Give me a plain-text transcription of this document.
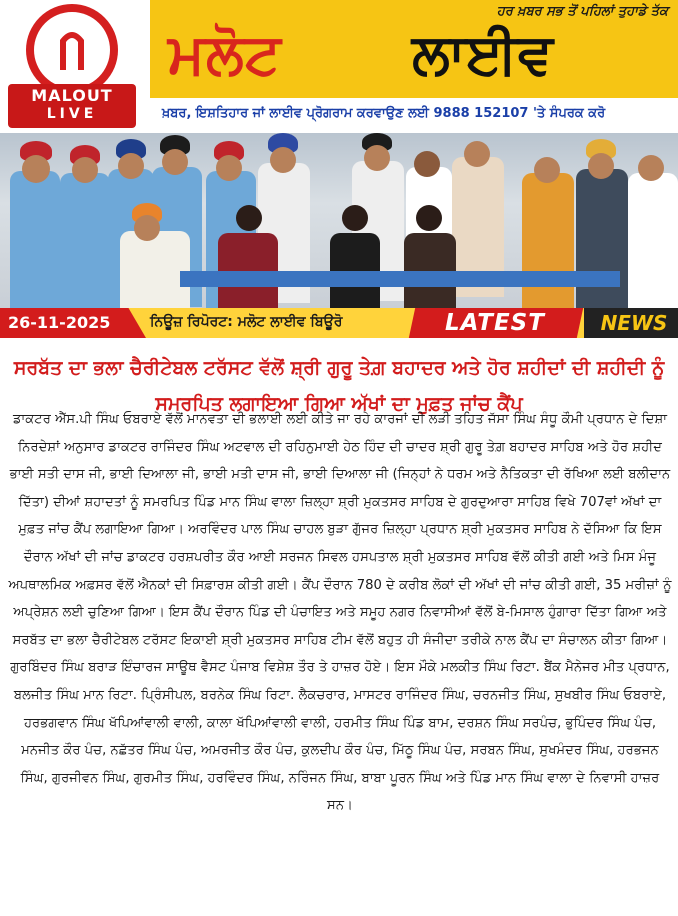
MALOUT
LIVE
ਹਰ ਖ਼ਬਰ ਸਭ ਤੋਂ ਪਹਿਲਾਂ ਤੁਹਾਡੇ ਤੱਕ
ਮਲੋਟ ਲਾਈਵ
ਖ਼ਬਰ, ਇਸ਼ਤਿਹਾਰ ਜਾਂ ਲਾਈਵ ਪ੍ਰੋਗਰਾਮ ਕਰਵਾਉਣ ਲਈ 9888 152107 'ਤੇ ਸੰਪਰਕ ਕਰੋ
26-11-2025	ਨਿਊਜ਼ ਰਿਪੋਰਟ: ਮਲੋਟ ਲਾਈਵ ਬਿਊਰੋ	LATEST	NEWS
ਸਰਬੱਤ ਦਾ ਭਲਾ ਚੈਰੀਟੇਬਲ ਟਰੱਸਟ ਵੱਲੋਂ ਸ਼੍ਰੀ ਗੁਰੂ ਤੇਗ਼ ਬਹਾਦਰ ਅਤੇ ਹੋਰ ਸ਼ਹੀਦਾਂ ਦੀ ਸ਼ਹੀਦੀ ਨੂੰ ਸਮਰਪਿਤ ਲਗਾਇਆ ਗਿਆ ਅੱਖਾਂ ਦਾ ਮੁਫ਼ਤ ਜਾਂਚ ਕੈਂਪ
ਡਾਕਟਰ ਐੱਸ.ਪੀ ਸਿੰਘ ਓਬਰਾਏ ਵੱਲੋਂ ਮਾਨਵਤਾ ਦੀ ਭਲਾਈ ਲਈ ਕੀਤੇ ਜਾ ਰਹੇ ਕਾਰਜਾਂ ਦੀ ਲੜੀ ਤਹਿਤ ਜੱਸਾ ਸਿੰਘ ਸੰਧੂ ਕੌਮੀ ਪ੍ਰਧਾਨ ਦੇ ਦਿਸ਼ਾ ਨਿਰਦੇਸ਼ਾਂ ਅਨੁਸਾਰ ਡਾਕਟਰ ਰਾਜਿੰਦਰ ਸਿੰਘ ਅਟਵਾਲ ਦੀ ਰਹਿਨੁਮਾਈ ਹੇਠ ਹਿੰਦ ਦੀ ਚਾਦਰ ਸ਼੍ਰੀ ਗੁਰੂ ਤੇਗ਼ ਬਹਾਦਰ ਸਾਹਿਬ ਅਤੇ ਹੋਰ ਸ਼ਹੀਦ ਭਾਈ ਸਤੀ ਦਾਸ ਜੀ, ਭਾਈ ਦਿਆਲਾ ਜੀ, ਭਾਈ ਮਤੀ ਦਾਸ ਜੀ, ਭਾਈ ਦਿਆਲਾ ਜੀ (ਜਿਨ੍ਹਾਂ ਨੇ ਧਰਮ ਅਤੇ ਨੈਤਿਕਤਾ ਦੀ ਰੱਖਿਆ ਲਈ ਬਲੀਦਾਨ ਦਿੱਤਾ) ਦੀਆਂ ਸ਼ਹਾਦਤਾਂ ਨੂੰ ਸਮਰਪਿਤ ਪਿੰਡ ਮਾਨ ਸਿੰਘ ਵਾਲਾ ਜ਼ਿਲ੍ਹਾ ਸ਼੍ਰੀ ਮੁਕਤਸਰ ਸਾਹਿਬ ਦੇ ਗੁਰਦੁਆਰਾ ਸਾਹਿਬ ਵਿਖੇ 707ਵਾਂ ਅੱਖਾਂ ਦਾ ਮੁਫ਼ਤ ਜਾਂਚ ਕੈਂਪ ਲਗਾਇਆ ਗਿਆ। ਅਰਵਿੰਦਰ ਪਾਲ ਸਿੰਘ ਚਾਹਲ ਬੁੜਾ ਗੁੱਜਰ ਜ਼ਿਲ੍ਹਾ ਪ੍ਰਧਾਨ ਸ਼੍ਰੀ ਮੁਕਤਸਰ ਸਾਹਿਬ ਨੇ ਦੱਸਿਆ ਕਿ ਇਸ ਦੌਰਾਨ ਅੱਖਾਂ ਦੀ ਜਾਂਚ ਡਾਕਟਰ ਹਰਸ਼ਪਰੀਤ ਕੌਰ ਆਈ ਸਰਜਨ ਸਿਵਲ ਹਸਪਤਾਲ ਸ਼੍ਰੀ ਮੁਕਤਸਰ ਸਾਹਿਬ ਵੱਲੋਂ ਕੀਤੀ ਗਈ ਅਤੇ ਮਿਸ ਮੰਜੂ ਅਪਥਾਲਮਿਕ ਅਫ਼ਸਰ ਵੱਲੋਂ ਐਨਕਾਂ ਦੀ ਸਿਫ਼ਾਰਸ਼ ਕੀਤੀ ਗਈ। ਕੈਂਪ ਦੌਰਾਨ 780 ਦੇ ਕਰੀਬ ਲੋਕਾਂ ਦੀ ਅੱਖਾਂ ਦੀ ਜਾਂਚ ਕੀਤੀ ਗਈ, 35 ਮਰੀਜ਼ਾਂ ਨੂੰ ਅਪ੍ਰੇਸ਼ਨ ਲਈ ਚੁਣਿਆ ਗਿਆ। ਇਸ ਕੈਂਪ ਦੌਰਾਨ ਪਿੰਡ ਦੀ ਪੰਚਾਇਤ ਅਤੇ ਸਮੂਹ ਨਗਰ ਨਿਵਾਸੀਆਂ ਵੱਲੋਂ ਬੇ-ਮਿਸਾਲ ਹੁੰਗਾਰਾ ਦਿੱਤਾ ਗਿਆ ਅਤੇ ਸਰਬੱਤ ਦਾ ਭਲਾ ਚੈਰੀਟੇਬਲ ਟਰੱਸਟ ਇਕਾਈ ਸ਼੍ਰੀ ਮੁਕਤਸਰ ਸਾਹਿਬ ਟੀਮ ਵੱਲੋਂ ਬਹੁਤ ਹੀ ਸੰਜੀਦਾ ਤਰੀਕੇ ਨਾਲ ਕੈਂਪ ਦਾ ਸੰਚਾਲਨ ਕੀਤਾ ਗਿਆ। ਗੁਰਬਿੰਦਰ ਸਿੰਘ ਬਰਾੜ ਇੰਚਾਰਜ ਸਾਊਥ ਵੈਸਟ ਪੰਜਾਬ ਵਿਸ਼ੇਸ਼ ਤੌਰ ਤੇ ਹਾਜ਼ਰ ਹੋਏ। ਇਸ ਮੌਕੇ ਮਲਕੀਤ ਸਿੰਘ ਰਿਟਾ. ਬੈਂਕ ਮੈਨੇਜਰ ਮੀਤ ਪ੍ਰਧਾਨ, ਬਲਜੀਤ ਸਿੰਘ ਮਾਨ ਰਿਟਾ. ਪ੍ਰਿੰਸੀਪਲ, ਬਰਨੇਕ ਸਿੰਘ ਰਿਟਾ. ਲੈਕਚਰਾਰ, ਮਾਸਟਰ ਰਾਜਿੰਦਰ ਸਿੰਘ, ਚਰਨਜੀਤ ਸਿੰਘ, ਸੁਖਬੀਰ ਸਿੰਘ ਓਬਰਾਏ, ਹਰਭਗਵਾਨ ਸਿੰਘ ਖੱਪਿਆਂਵਾਲੀ ਵਾਲੀ, ਕਾਲਾ ਖੱਪਿਆਂਵਾਲੀ ਵਾਲੀ, ਹਰਮੀਤ ਸਿੰਘ ਪਿੰਡ ਬਾਮ, ਦਰਸ਼ਨ ਸਿੰਘ ਸਰਪੰਚ, ਭੁਪਿੰਦਰ ਸਿੰਘ ਪੰਚ, ਮਨਜੀਤ ਕੌਰ ਪੰਚ, ਨਛੱਤਰ ਸਿੰਘ ਪੰਚ, ਅਮਰਜੀਤ ਕੌਰ ਪੰਚ, ਕੁਲਦੀਪ ਕੌਰ ਪੰਚ, ਮਿੱਠੂ ਸਿੰਘ ਪੰਚ, ਸਰਬਨ ਸਿੰਘ, ਸੁਖਮੰਦਰ ਸਿੰਘ, ਹਰਭਜਨ ਸਿੰਘ, ਗੁਰਜੀਵਨ ਸਿੰਘ, ਗੁਰਮੀਤ ਸਿੰਘ, ਹਰਵਿੰਦਰ ਸਿੰਘ, ਨਰਿੰਜਨ ਸਿੰਘ, ਬਾਬਾ ਪੂਰਨ ਸਿੰਘ ਅਤੇ ਪਿੰਡ ਮਾਨ ਸਿੰਘ ਵਾਲਾ ਦੇ ਨਿਵਾਸੀ ਹਾਜ਼ਰ ਸਨ।
